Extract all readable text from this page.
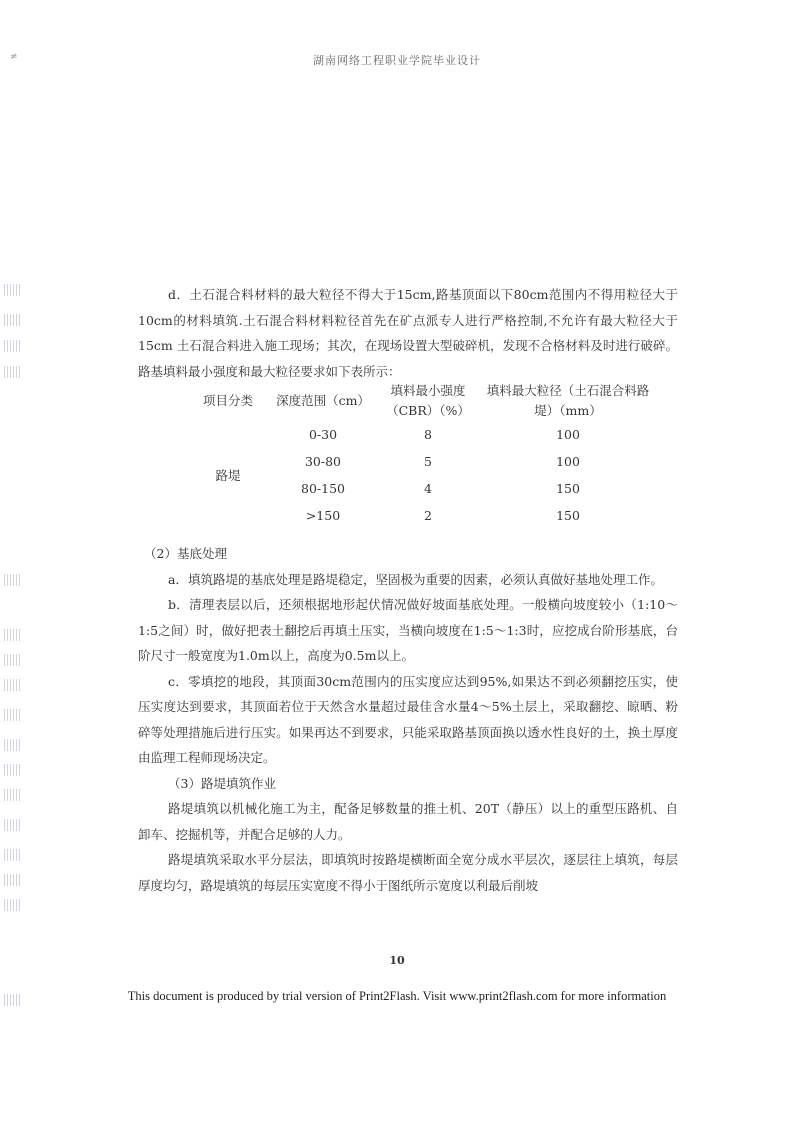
≠	湖南网络工程职业学院毕业设计

d．土石混合料材料的最大粒径不得大于15cm,路基顶面以下80cm范围内不得用粒径大于10cm的材料填筑.土石混合料材料粒径首先在矿点派专人进行严格控制,不允许有最大粒径大于15cm 土石混合料进入施工现场；其次，在现场设置大型破碎机，发现不合格材料及时进行破碎。路基填料最小强度和最大粒径要求如下表所示：

项目分类	深度范围（cm）	填料最小强度（CBR）（%）	填料最大粒径（土石混合料路堤）（mm）
路堤	0-30	8	100
	30-80	5	100
	80-150	4	150
	>150	2	150

（2）基底处理

a．填筑路堤的基底处理是路堤稳定，坚固极为重要的因素，必须认真做好基地处理工作。

b．清理表层以后，还须根据地形起伏情况做好坡面基底处理。一般横向坡度较小（1:10～1:5之间）时，做好把表土翻挖后再填土压实，当横向坡度在1:5～1:3时，应挖成台阶形基底，台阶尺寸一般宽度为1.0m以上，高度为0.5m以上。

c．零填挖的地段，其顶面30cm范围内的压实度应达到95%,如果达不到必须翻挖压实，使压实度达到要求，其顶面若位于天然含水量超过最佳含水量4～5%土层上，采取翻挖、晾晒、粉碎等处理措施后进行压实。如果再达不到要求，只能采取路基顶面换以透水性良好的土，换土厚度由监理工程师现场决定。

（3）路堤填筑作业

路堤填筑以机械化施工为主，配备足够数量的推土机、20T（静压）以上的重型压路机、自卸车、挖掘机等，并配合足够的人力。

路堤填筑采取水平分层法，即填筑时按路堤横断面全宽分成水平层次，逐层往上填筑，每层厚度均匀，路堤填筑的每层压实宽度不得小于图纸所示宽度以利最后削坡

10
This document is produced by trial version of Print2Flash. Visit www.print2flash.com for more information
